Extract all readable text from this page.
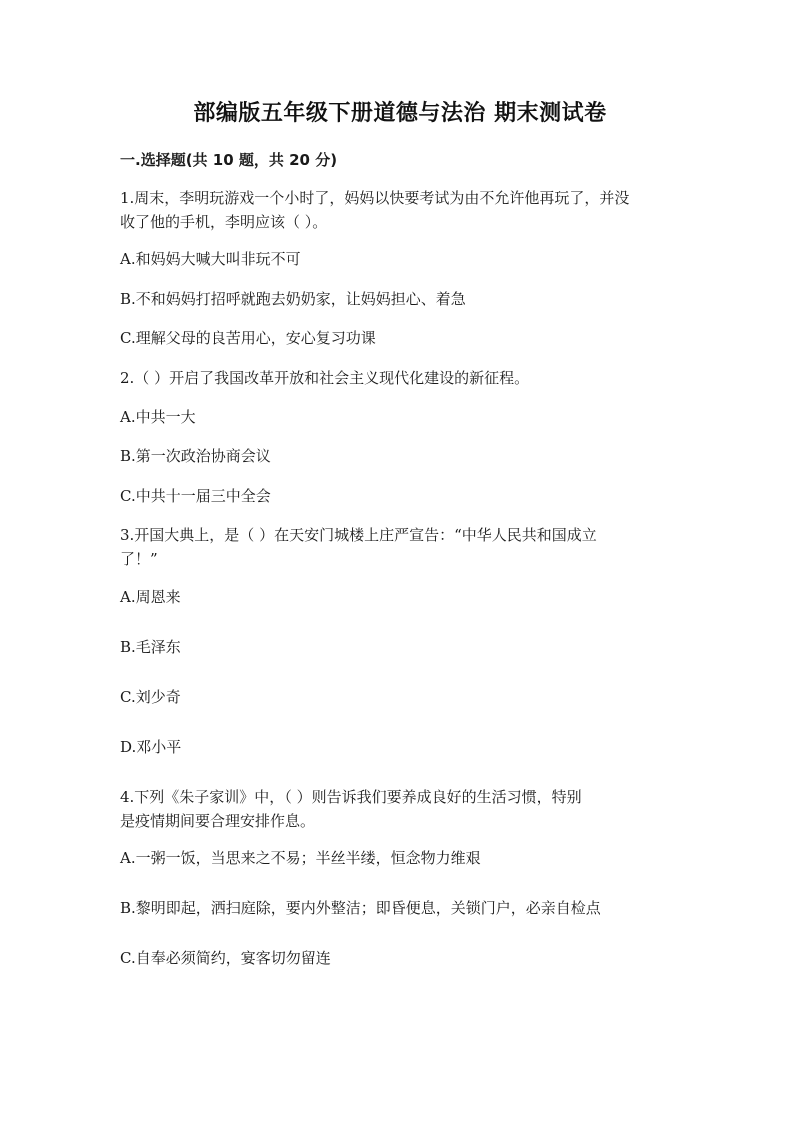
部编版五年级下册道德与法治 期末测试卷
一.选择题(共 10 题，共 20 分)
1.周末，李明玩游戏一个小时了，妈妈以快要考试为由不允许他再玩了，并没
收了他的手机，李明应该（ ）。
A.和妈妈大喊大叫非玩不可
B.不和妈妈打招呼就跑去奶奶家，让妈妈担心、着急
C.理解父母的良苦用心，安心复习功课
2.（ ）开启了我国改革开放和社会主义现代化建设的新征程。
A.中共一大
B.第一次政治协商会议
C.中共十一届三中全会
3.开国大典上，是（ ）在天安门城楼上庄严宣告：“中华人民共和国成立
了！”
A.周恩来
B.毛泽东
C.刘少奇
D.邓小平
4.下列《朱子家训》中，（ ）则告诉我们要养成良好的生活习惯，特别
是疫情期间要合理安排作息。
A.一粥一饭，当思来之不易；半丝半缕，恒念物力维艰
B.黎明即起，洒扫庭除，要内外整洁；即昏便息，关锁门户，必亲自检点
C.自奉必须简约，宴客切勿留连
